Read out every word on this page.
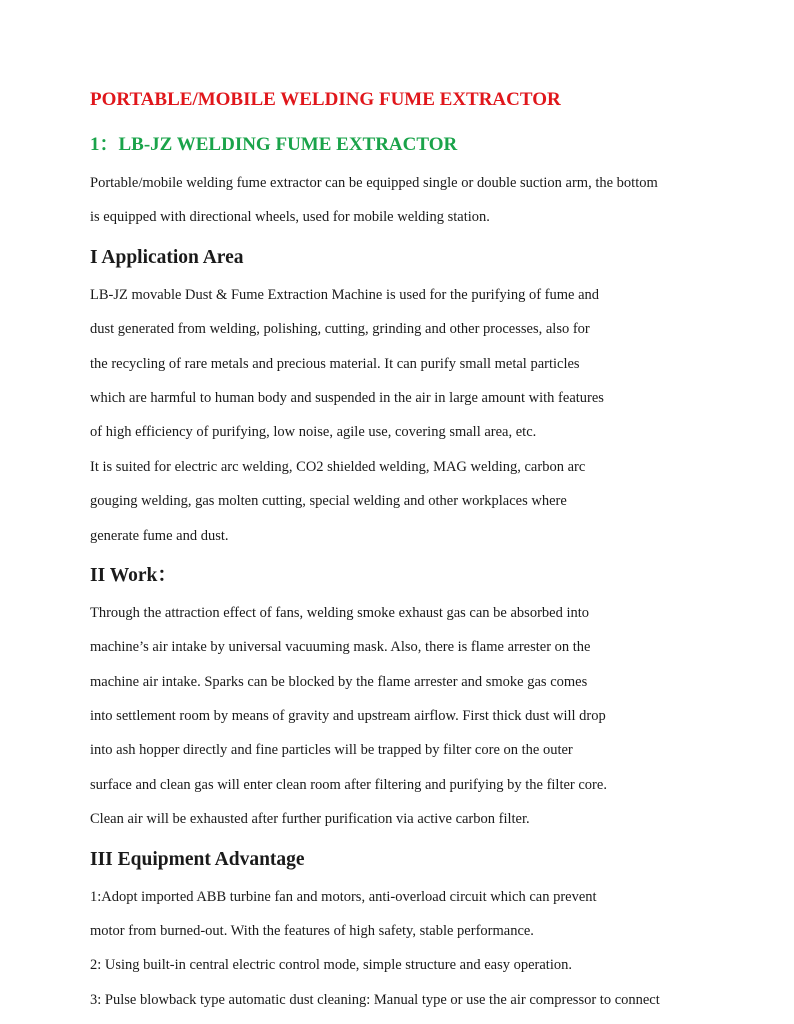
PORTABLE/MOBILE WELDING FUME EXTRACTOR
1：LB-JZ WELDING FUME EXTRACTOR

Portable/mobile welding fume extractor can be equipped single or double suction arm, the bottom

is equipped with directional wheels, used for mobile welding station.

I Application Area

LB-JZ movable Dust & Fume Extraction Machine is used for the purifying of fume and

dust generated from welding, polishing, cutting, grinding and other processes, also for

the recycling of rare metals and precious material. It can purify small metal particles

which are harmful to human body and suspended in the air in large amount with features

of high efficiency of purifying, low noise, agile use, covering small area, etc.

It is suited for electric arc welding, CO2 shielded welding, MAG welding, carbon arc

gouging welding, gas molten cutting, special welding and other workplaces where

generate fume and dust.

II Work：

Through the attraction effect of fans, welding smoke exhaust gas can be absorbed into

machine’s air intake by universal vacuuming mask. Also, there is flame arrester on the

machine air intake. Sparks can be blocked by the flame arrester and smoke gas comes

into settlement room by means of gravity and upstream airflow. First thick dust will drop

into ash hopper directly and fine particles will be trapped by filter core on the outer

surface and clean gas will enter clean room after filtering and purifying by the filter core.

Clean air will be exhausted after further purification via active carbon filter.

III Equipment Advantage

1:Adopt imported ABB turbine fan and motors, anti-overload circuit which can prevent

motor from burned-out. With the features of high safety, stable performance.

2: Using built-in central electric control mode, simple structure and easy operation.

3: Pulse blowback type automatic dust cleaning: Manual type or use the air compressor to connect
